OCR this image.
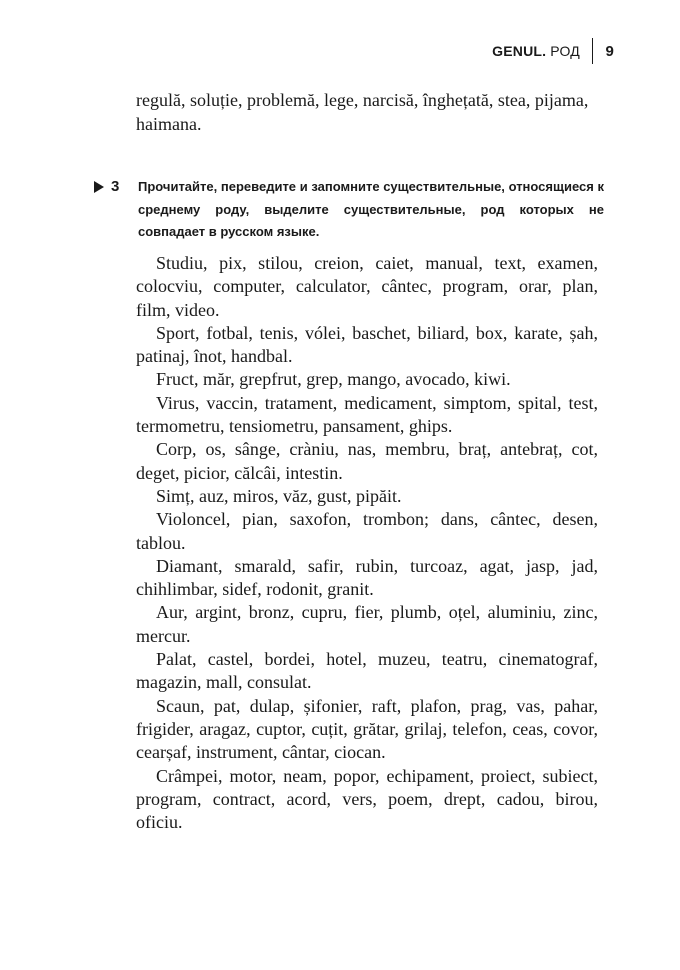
GENUL. РОД 9
regulă, soluție, problemă, lege, narcisă, înghețată, stea, pijama, haimana.
3	Прочитайте, переведите и запомните существительные, относящиеся к среднему роду, выделите существительные, род которых не совпадает в русском языке.

Studiu, pix, stilou, creion, caiet, manual, text, examen, colocviu, computer, calculator, cântec, program, orar, plan, film, video.

Sport, fotbal, tenis, vólei, baschet, biliard, box, karate, șah, patinaj, înot, handbal.

Fruct, măr, grepfrut, grep, mango, avocado, kiwi.

Virus, vaccin, tratament, medicament, simptom, spital, test, termometru, tensiometru, pansament, ghips.

Corp, os, sânge, cràniu, nas, membru, braț, antebraț, cot, deget, picior, călcâi, intestin.

Simț, auz, miros, văz, gust, pipăit.

Violoncel, pian, saxofon, trombon; dans, cântec, desen, tablou.

Diamant, smarald, safir, rubin, turcoaz, agat, jasp, jad, chihlimbar, sidef, rodonit, granit.

Aur, argint, bronz, cupru, fier, plumb, oțel, aluminiu, zinc, mercur.

Palat, castel, bordei, hotel, muzeu, teatru, cinematograf, magazin, mall, consulat.

Scaun, pat, dulap, șifonier, raft, plafon, prag, vas, pahar, frigider, aragaz, cuptor, cuțit, grătar, grilaj, telefon, ceas, covor, cearșaf, instrument, cântar, ciocan.

Crâmpei, motor, neam, popor, echipament, proiect, subiect, program, contract, acord, vers, poem, drept, cadou, birou, oficiu.
